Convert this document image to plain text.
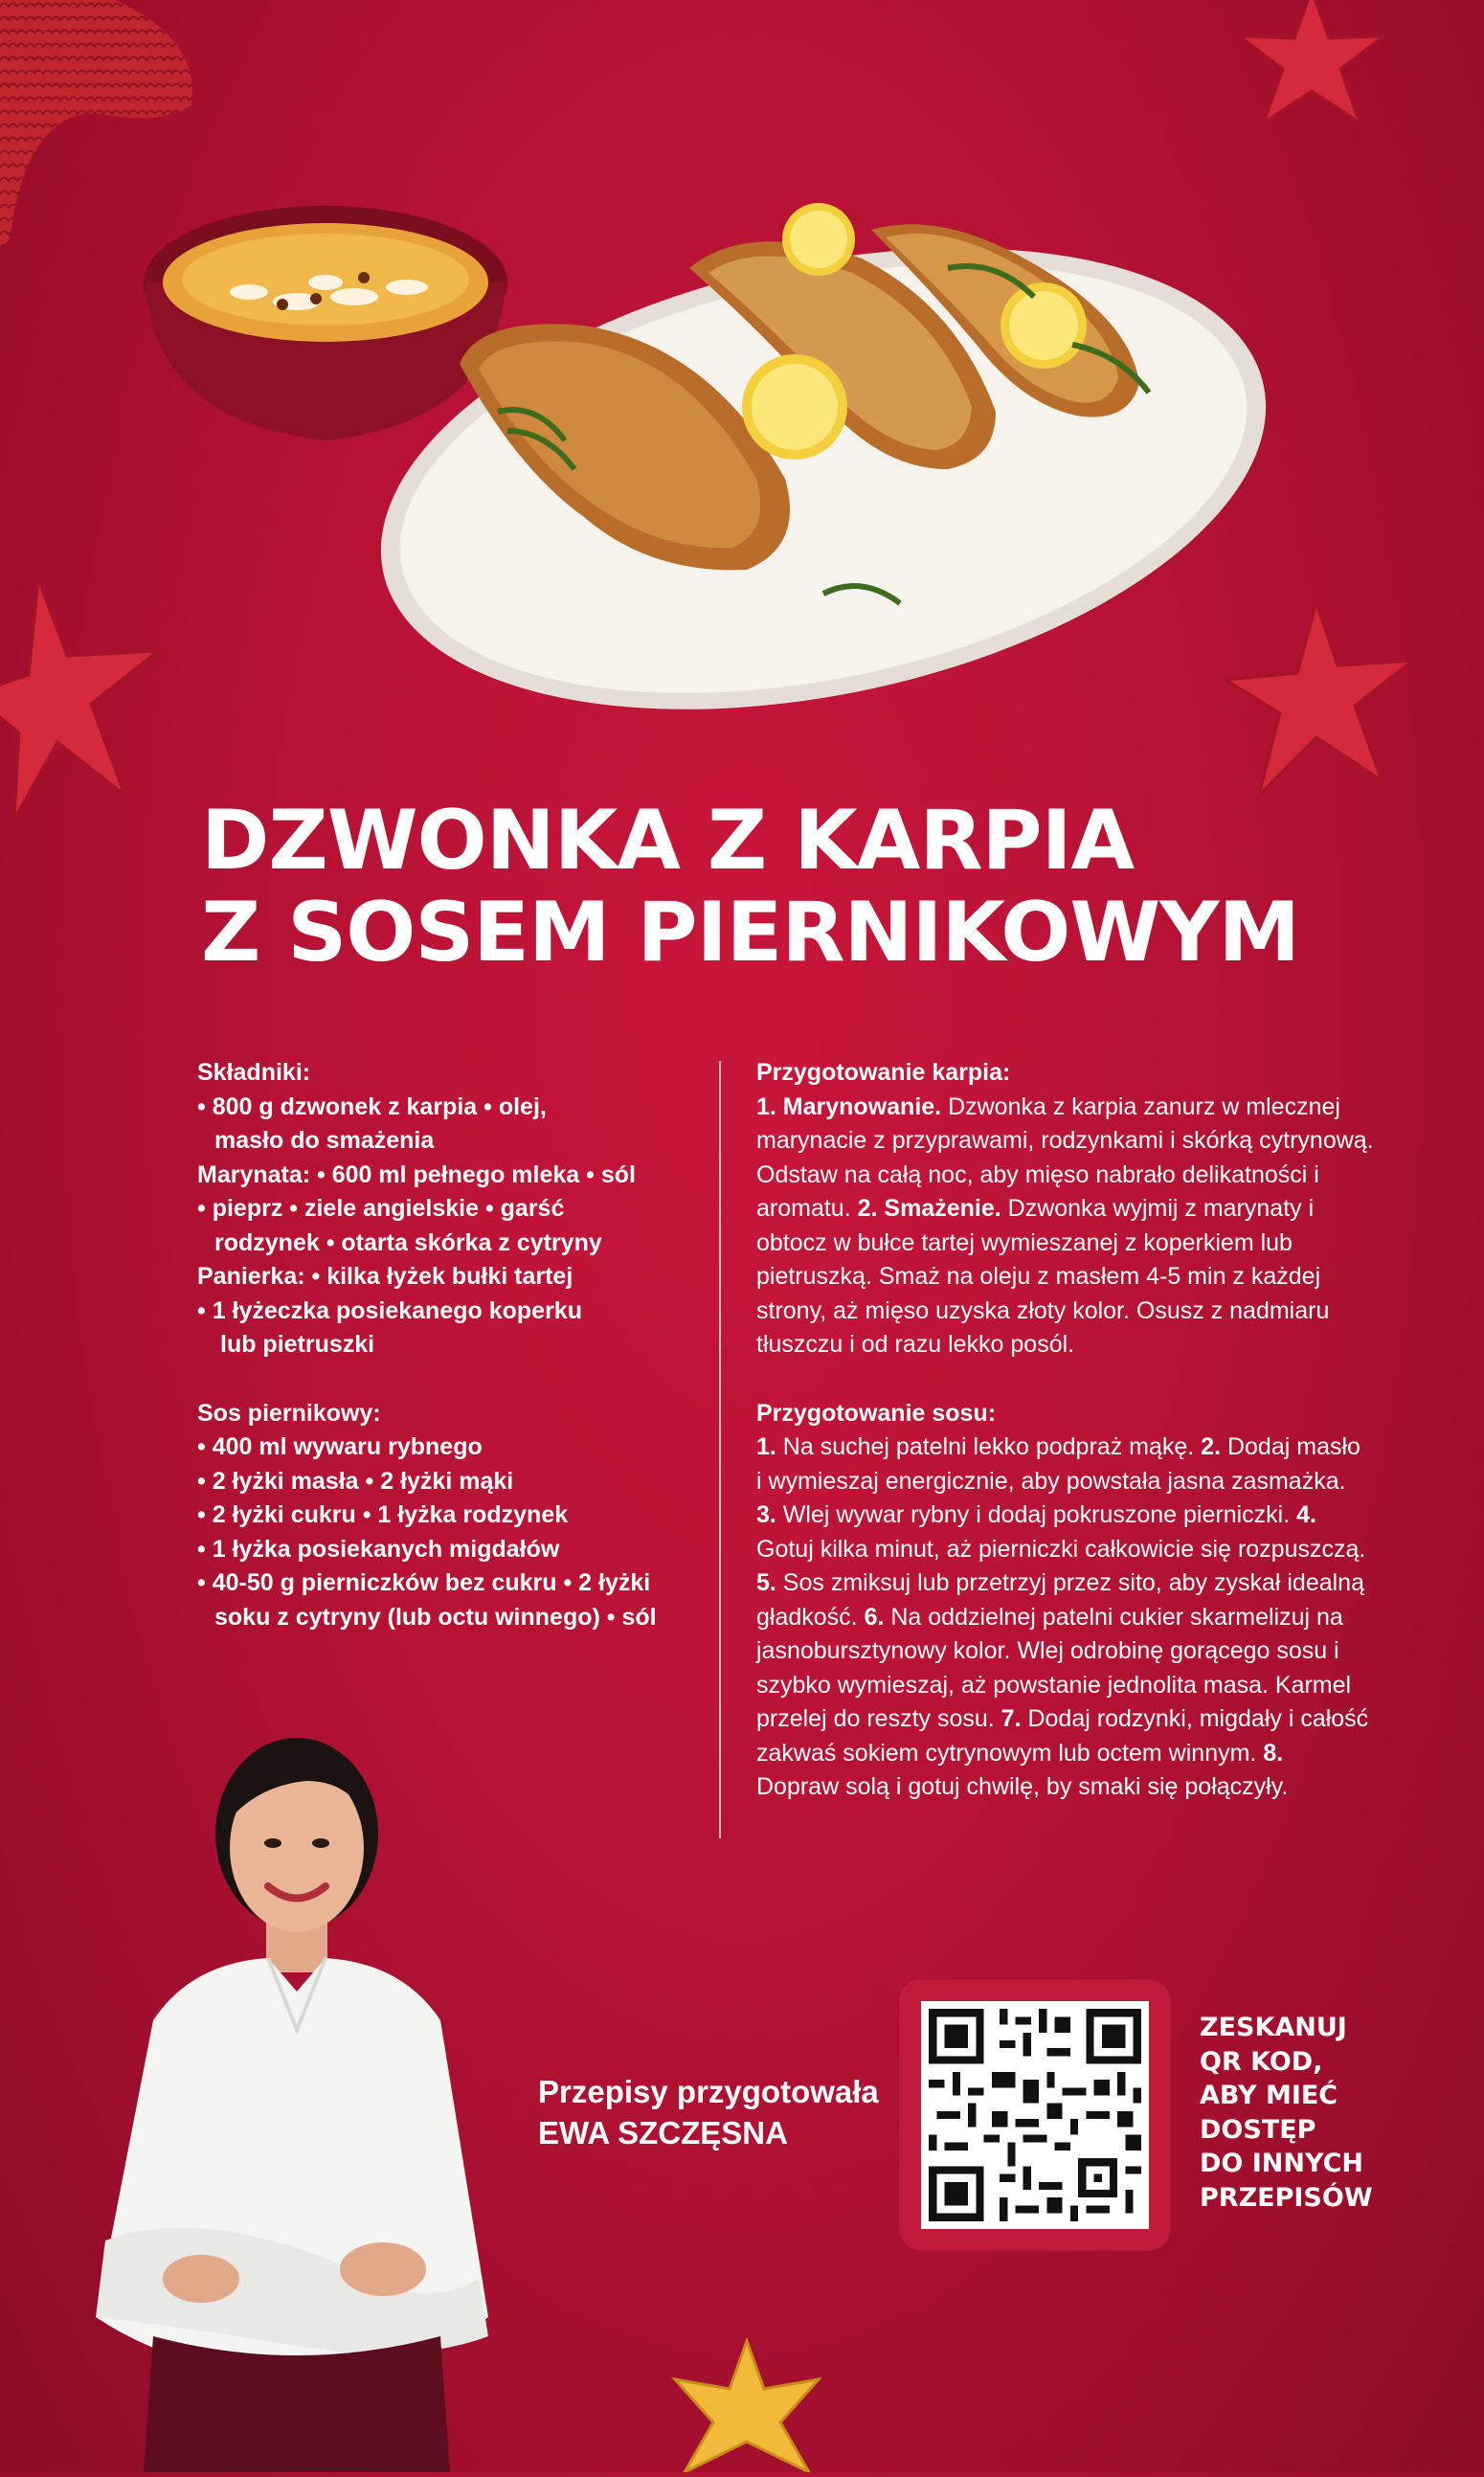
DZWONKA Z KARPIA
Z SOSEM PIERNIKOWYM

Składniki:

• 800 g dzwonek z karpia • olej,

masło do smażenia

Marynata: • 600 ml pełnego mleka • sól

• pieprz • ziele angielskie • garść

rodzynek • otarta skórka z cytryny

Panierka: • kilka łyżek bułki tartej

• 1 łyżeczka posiekanego koperku

lub pietruszki

Sos piernikowy:

• 400 ml wywaru rybnego

• 2 łyżki masła • 2 łyżki mąki

• 2 łyżki cukru • 1 łyżka rodzynek

• 1 łyżka posiekanych migdałów

• 40-50 g pierniczków bez cukru • 2 łyżki

soku z cytryny (lub octu winnego) • sól

Przygotowanie karpia:

1. Marynowanie. Dzwonka z karpia zanurz w mlecznej marynacie z przyprawami, rodzynkami i skórką cytrynową. Odstaw na całą noc, aby mięso nabrało delikatności i aromatu. 2. Smażenie. Dzwonka wyjmij z marynaty i obtocz w bułce tartej wymieszanej z koperkiem lub pietruszką. Smaż na oleju z masłem 4-5 min z każdej strony, aż mięso uzyska złoty kolor. Osusz z nadmiaru tłuszczu i od razu lekko posól.

Przygotowanie sosu:

1. Na suchej patelni lekko podpraż mąkę. 2. Dodaj masło i wymieszaj energicznie, aby powstała jasna zasmażka. 3. Wlej wywar rybny i dodaj pokruszone pierniczki. 4. Gotuj kilka minut, aż pierniczki całkowicie się rozpuszczą. 5. Sos zmiksuj lub przetrzyj przez sito, aby zyskał idealną gładkość. 6. Na oddzielnej patelni cukier skarmelizuj na jasnobursztynowy kolor. Wlej odrobinę gorącego sosu i szybko wymieszaj, aż powstanie jednolita masa. Karmel przelej do reszty sosu. 7. Dodaj rodzynki, migdały i całość zakwaś sokiem cytrynowym lub octem winnym. 8. Dopraw solą i gotuj chwilę, by smaki się połączyły.

Przepisy przygotowała
EWA SZCZĘSNA
ZESKANUJ
QR KOD,
ABY MIEĆ
DOSTĘP
DO INNYCH
PRZEPISÓW
